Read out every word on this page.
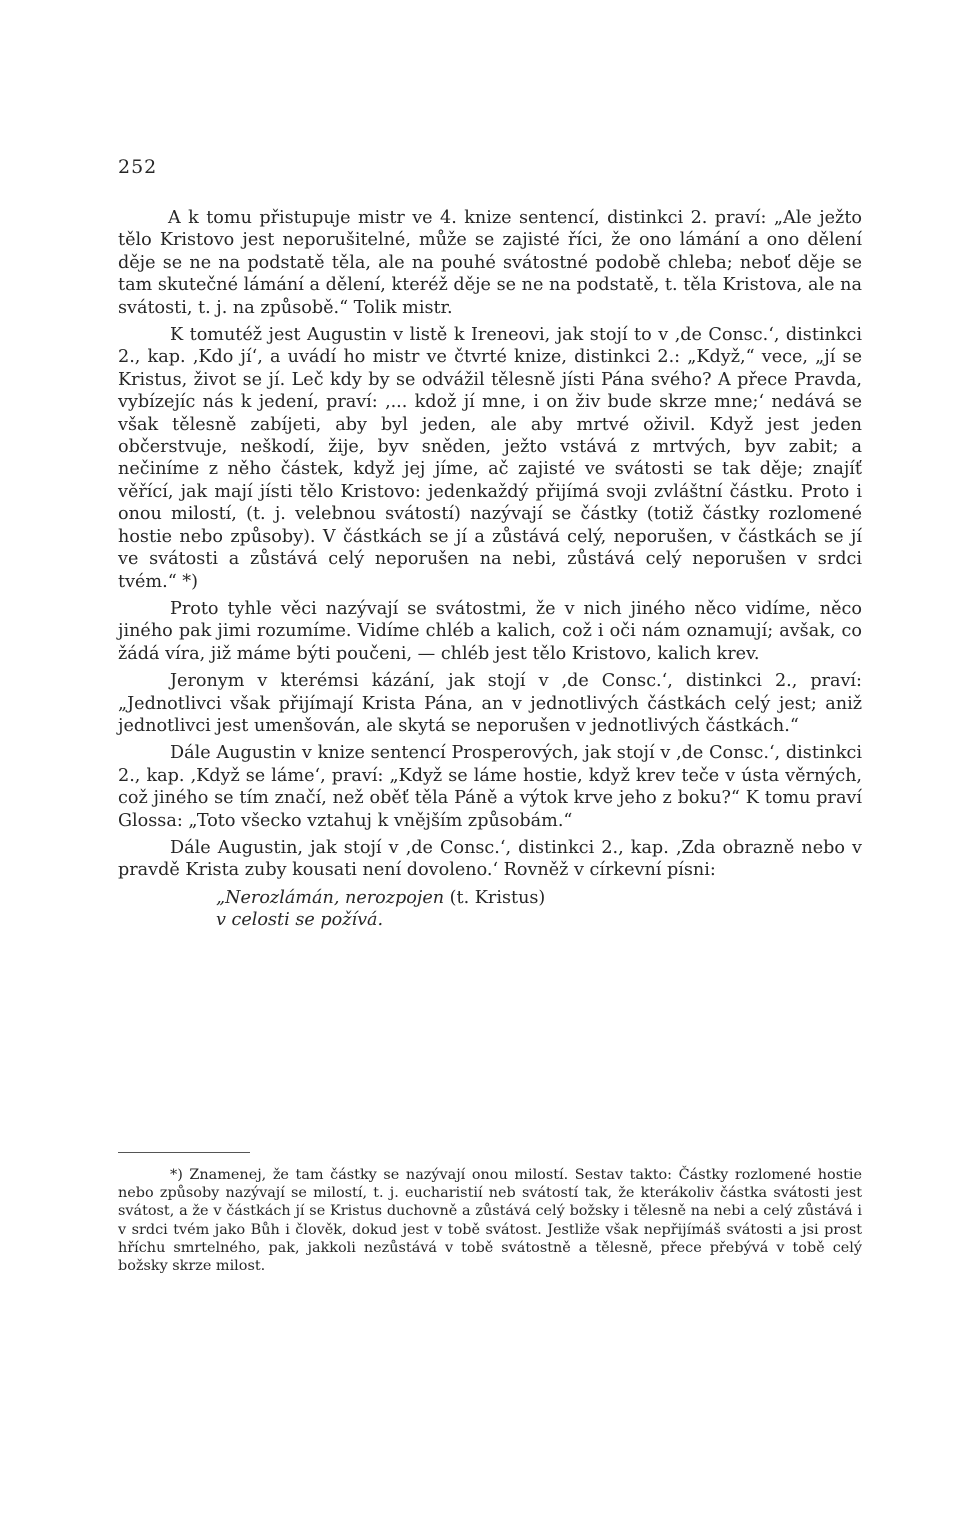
252

A k tomu přistupuje mistr ve 4. knize sentencí, distinkci 2. praví: „Ale ježto tělo Kristovo jest neporušitelné, může se zajisté říci, že ono lámání a ono dělení děje se ne na podstatě těla, ale na pouhé svátostné podobě chleba; neboť děje se tam skutečné lámání a dělení, kteréž děje se ne na podstatě, t. těla Kristova, ale na svátosti, t. j. na způsobě.“ Tolik mistr.

K tomutéž jest Augustin v listě k Ireneovi, jak stojí to v ‚de Consc.‘, distinkci 2., kap. ‚Kdo jí‘, a uvádí ho mistr ve čtvrté knize, distinkci 2.: „Když,“ vece, „jí se Kristus, život se jí. Leč kdy by se odvážil tělesně jísti Pána svého? A přece Pravda, vybízejíc nás k jedení, praví: ‚... kdož jí mne, i on živ bude skrze mne;‘ nedává se však tělesně zabíjeti, aby byl jeden, ale aby mrtvé oživil. Když jest jeden občerstvuje, neškodí, žije, byv sněden, ježto vstává z mrtvých, byv zabit; a nečiníme z něho částek, když jej jíme, ač zajisté ve svátosti se tak děje; znajíť věřící, jak mají jísti tělo Kristovo: jedenkaždý přijímá svoji zvláštní částku. Proto i onou milostí, (t. j. velebnou svátostí) nazývají se částky (totiž částky rozlomené hostie nebo způsoby). V částkách se jí a zůstává celý, neporušen, v částkách se jí ve svátosti a zůstává celý neporušen na nebi, zůstává celý neporušen v srdci tvém.“ *)

Proto tyhle věci nazývají se svátostmi, že v nich jiného něco vidíme, něco jiného pak jimi rozumíme. Vidíme chléb a kalich, což i oči nám oznamují; avšak, co žádá víra, již máme býti poučeni, — chléb jest tělo Kristovo, kalich krev.

Jeronym v kterémsi kázání, jak stojí v ‚de Consc.‘, distinkci 2., praví: „Jednotlivci však přijímají Krista Pána, an v jednotlivých částkách celý jest; aniž jednotlivci jest umenšován, ale skytá se neporušen v jednotlivých částkách.“

Dále Augustin v knize sentencí Prosperových, jak stojí v ‚de Consc.‘, distinkci 2., kap. ‚Když se láme‘, praví: „Když se láme hostie, když krev teče v ústa věrných, což jiného se tím značí, než oběť těla Páně a výtok krve jeho z boku?“ K tomu praví Glossa: „Toto všecko vztahuj k vnějším způsobám.“

Dále Augustin, jak stojí v ‚de Consc.‘, distinkci 2., kap. ‚Zda obrazně nebo v pravdě Krista zuby kousati není dovoleno.‘ Rovněž v církevní písni:

„Nerozlámán, nerozpojen (t. Kristus)
v celosti se požívá.

*) Znamenej, že tam částky se nazývají onou milostí. Sestav takto: Částky rozlomené hostie nebo způsoby nazývají se milostí, t. j. eucharistií neb svátostí tak, že kterákoliv částka svátosti jest svátost, a že v částkách jí se Kristus duchovně a zůstává celý božsky i tělesně na nebi a celý zůstává i v srdci tvém jako Bůh i člověk, dokud jest v tobě svátost. Jestliže však nepřijímáš svátosti a jsi prost hříchu smrtelného, pak, jakkoli nezůstává v tobě svátostně a tělesně, přece přebývá v tobě celý božsky skrze milost.
